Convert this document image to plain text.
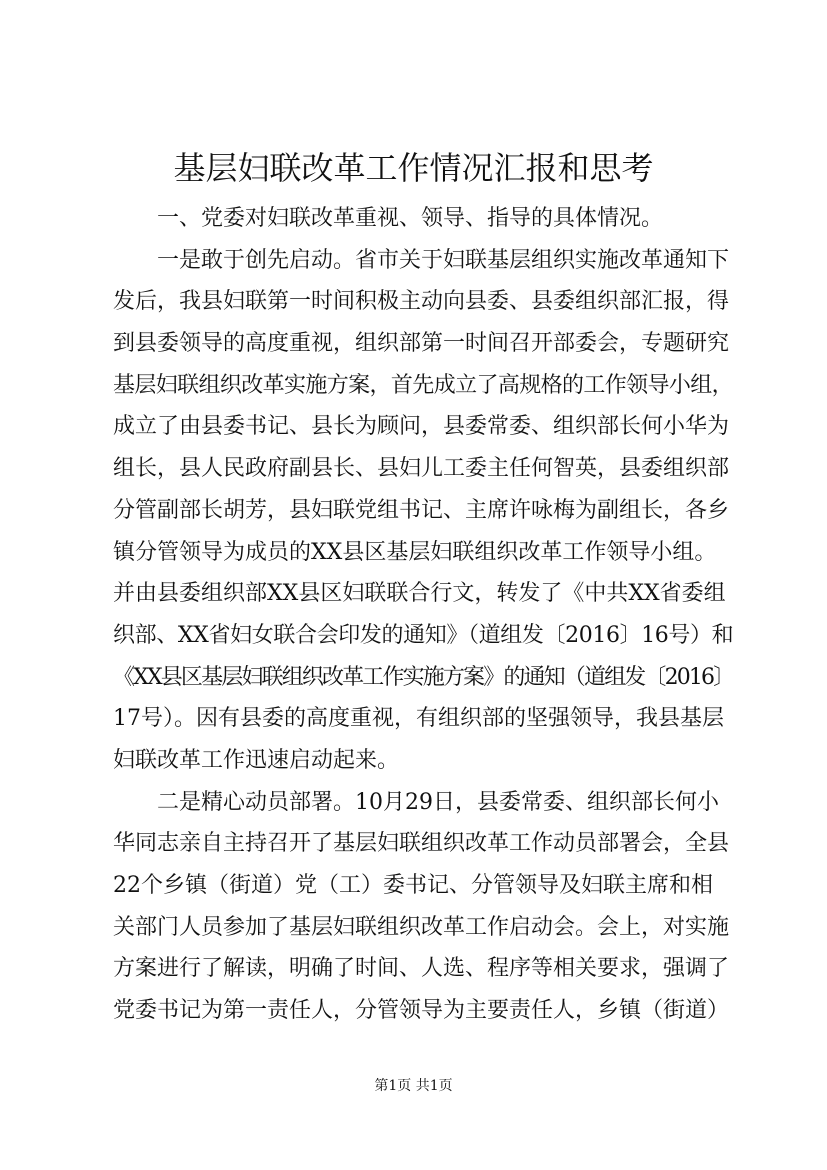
基层妇联改革工作情况汇报和思考
一、党委对妇联改革重视、领导、指导的具体情况。
一是敢于创先启动。省市关于妇联基层组织实施改革通知下
发后，我县妇联第一时间积极主动向县委、县委组织部汇报，得
到县委领导的高度重视，组织部第一时间召开部委会，专题研究
基层妇联组织改革实施方案，首先成立了高规格的工作领导小组，
成立了由县委书记、县长为顾问，县委常委、组织部长何小华为
组长，县人民政府副县长、县妇儿工委主任何智英，县委组织部
分管副部长胡芳，县妇联党组书记、主席许咏梅为副组长，各乡
镇分管领导为成员的XX县区基层妇联组织改革工作领导小组。
并由县委组织部XX县区妇联联合行文，转发了《中共XX省委组
织部、XX省妇女联合会印发的通知》（道组发〔2016〕16号）和
《XX县区基层妇联组织改革工作实施方案》的通知（道组发〔2016〕
17号）。因有县委的高度重视，有组织部的坚强领导，我县基层
妇联改革工作迅速启动起来。
二是精心动员部署。10月29日，县委常委、组织部长何小
华同志亲自主持召开了基层妇联组织改革工作动员部署会，全县
22个乡镇（街道）党（工）委书记、分管领导及妇联主席和相
关部门人员参加了基层妇联组织改革工作启动会。会上，对实施
方案进行了解读，明确了时间、人选、程序等相关要求，强调了
党委书记为第一责任人，分管领导为主要责任人，乡镇（街道）
第1页 共1页
